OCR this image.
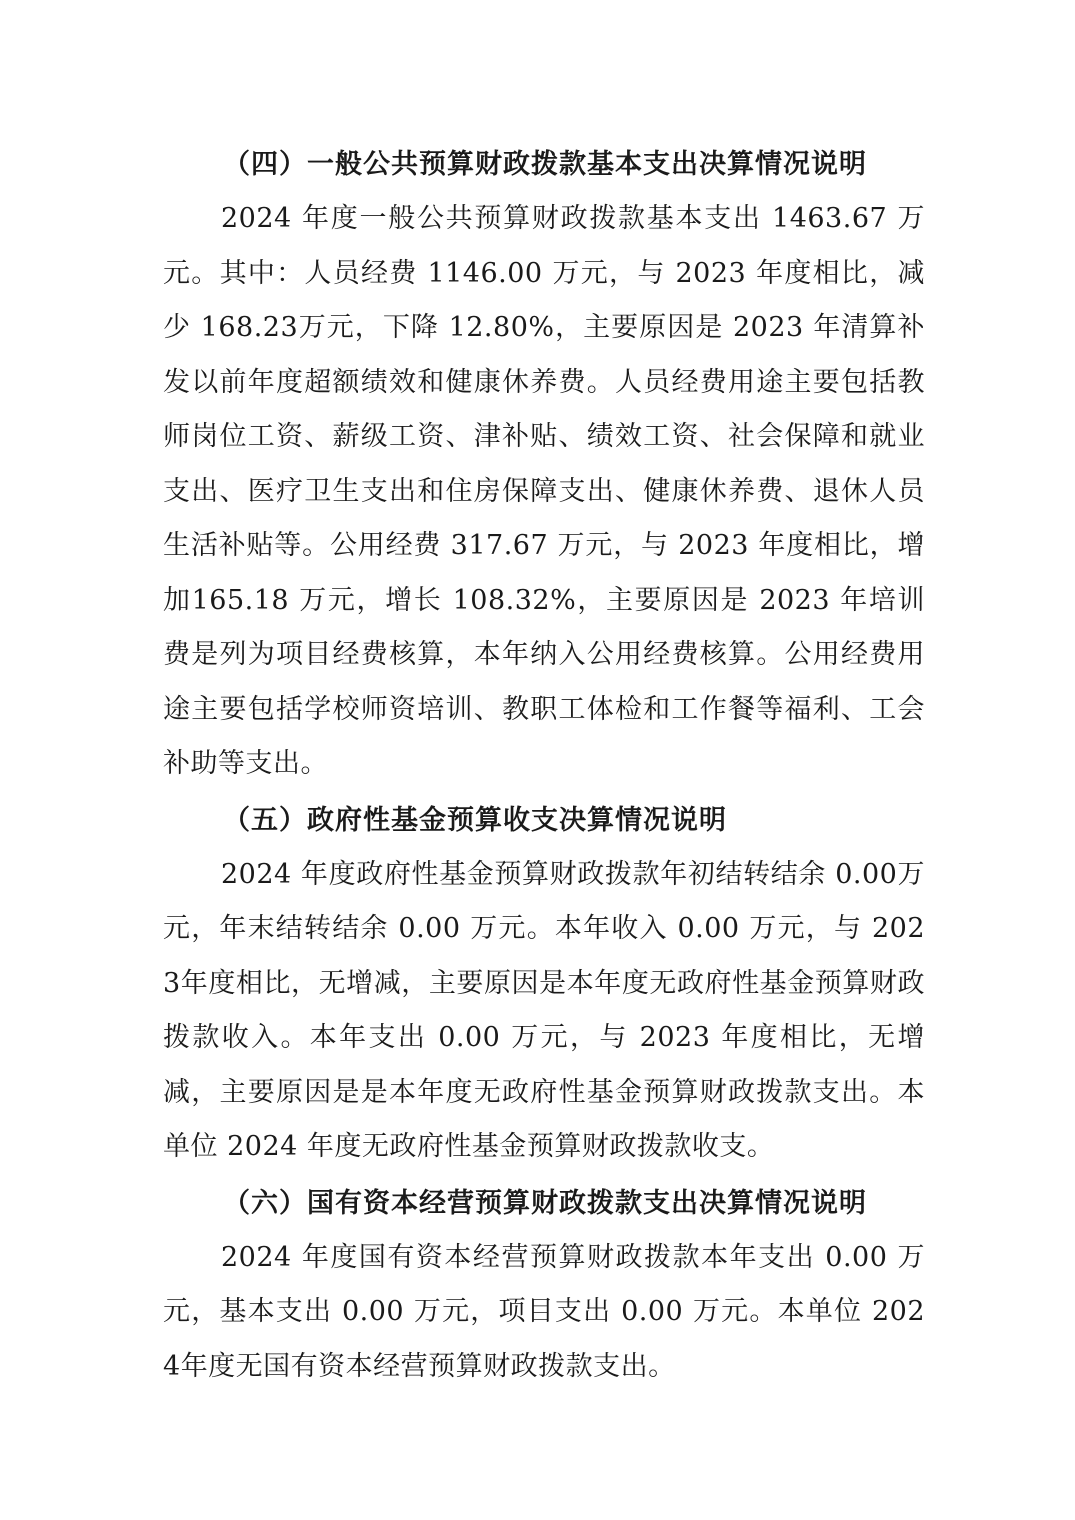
（四）一般公共预算财政拨款基本支出决算情况说明

2024 年度一般公共预算财政拨款基本支出 1463.67 万元。其中：人员经费 1146.00 万元，与 2023 年度相比，减少 168.23万元，下降 12.80%，主要原因是 2023 年清算补发以前年度超额绩效和健康休养费。人员经费用途主要包括教师岗位工资、薪级工资、津补贴、绩效工资、社会保障和就业支出、医疗卫生支出和住房保障支出、健康休养费、退休人员生活补贴等。公用经费 317.67 万元，与 2023 年度相比，增加165.18 万元，增长 108.32%，主要原因是 2023 年培训费是列为项目经费核算，本年纳入公用经费核算。公用经费用途主要包括学校师资培训、教职工体检和工作餐等福利、工会补助等支出。

（五）政府性基金预算收支决算情况说明

2024 年度政府性基金预算财政拨款年初结转结余 0.00万元，年末结转结余 0.00 万元。本年收入 0.00 万元，与 2023年度相比，无增减，主要原因是本年度无政府性基金预算财政拨款收入。本年支出 0.00 万元，与 2023 年度相比，无增减，主要原因是是本年度无政府性基金预算财政拨款支出。本单位 2024 年度无政府性基金预算财政拨款收支。

（六）国有资本经营预算财政拨款支出决算情况说明

2024 年度国有资本经营预算财政拨款本年支出 0.00 万元，基本支出 0.00 万元，项目支出 0.00 万元。本单位 2024年度无国有资本经营预算财政拨款支出。
